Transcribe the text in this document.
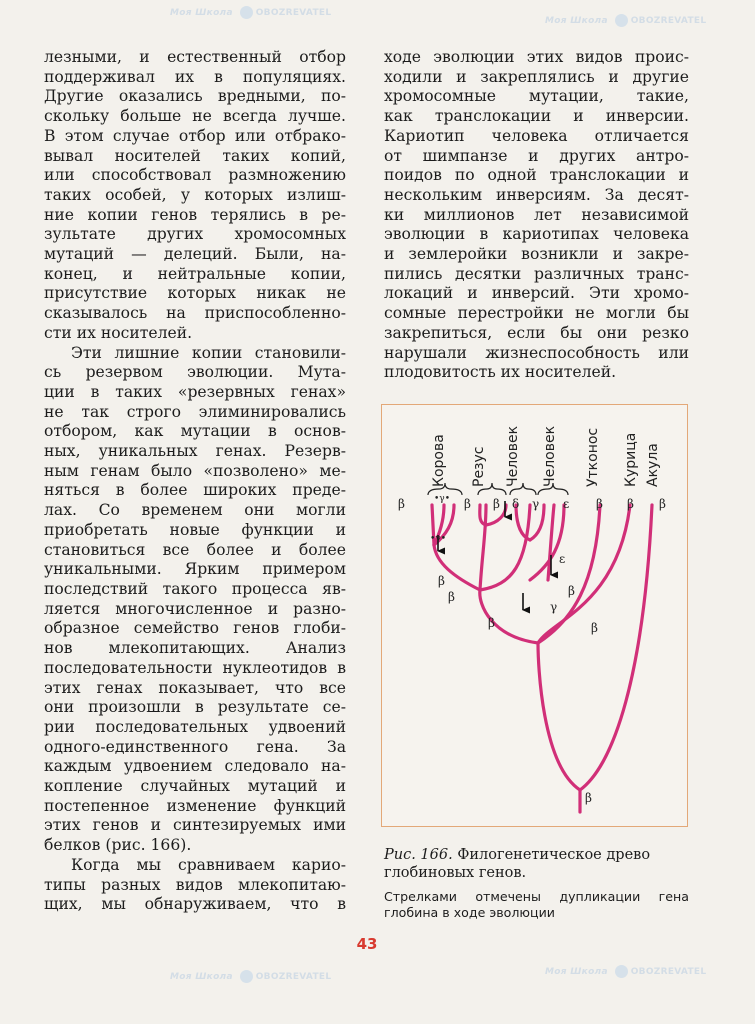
Моя Школа	OBOZREVATEL
Моя Школа	OBOZREVATEL
Моя Школа	OBOZREVATEL	Моя Школа	OBOZREVATEL

лезными, и естественный отбор
поддерживал их в популяциях.
Другие оказались вредными, по-
скольку больше не всегда лучше.
В этом случае отбор или отбрако-
вывал носителей таких копий,
или способствовал размножению
таких особей, у которых излиш-
ние копии генов терялись в ре-
зультате других хромосомных
мутаций — делеций. Были, на-
конец, и нейтральные копии,
присутствие которых никак не
сказывалось на приспособленно-
сти их носителей.

Эти лишние копии становили-
сь резервом эволюции. Мута-
ции в таких «резервных генах»
не так строго элиминировались
отбором, как мутации в основ-
ных, уникальных генах. Резерв-
ным генам было «позволено» ме-
няться в более широких преде-
лах. Со временем они могли
приобретать новые функции и
становиться все более и более
уникальными. Ярким примером
последствий такого процесса яв-
ляется многочисленное и разно-
образное семейство генов глоби-
нов млекопитающих. Анализ
последовательности нуклеотидов в
этих генах показывает, что все
они произошли в результате се-
рии последовательных удвоений
одного-единственного гена. За
каждым удвоением следовало на-
копление случайных мутаций и
постепенное изменение функций
этих генов и синтезируемых ими
белков (рис. 166).

Когда мы сравниваем карио-
типы разных видов млекопитаю-
щих, мы обнаруживаем, что в

ходе эволюции этих видов проис-
ходили и закреплялись и другие
хромосомные мутации, такие,
как транслокации и инверсии.
Кариотип человека отличается
от шимпанзе и других антро-
поидов по одной транслокации и
нескольким инверсиям. За десят-
ки миллионов лет независимой
эволюции в кариотипах человека
и землеройки возникли и закре-
пились десятки различных транс-
локаций и инверсий. Эти хромо-
сомные перестройки не могли бы
закрепиться, если бы они резко
нарушали жизнеспособность или
плодовитость их носителей.

Корова Резус Человек Человек Утконос Курица Акула
β	•γ• β β δ γ ε β β β
•γ•
ε
β
β	β
γ
β	β
β
Рис. 166. Филогенетическое древо
глобиновых генов.
Стрелками отмечены дупликации гена
глобина в ходе эволюции
43
